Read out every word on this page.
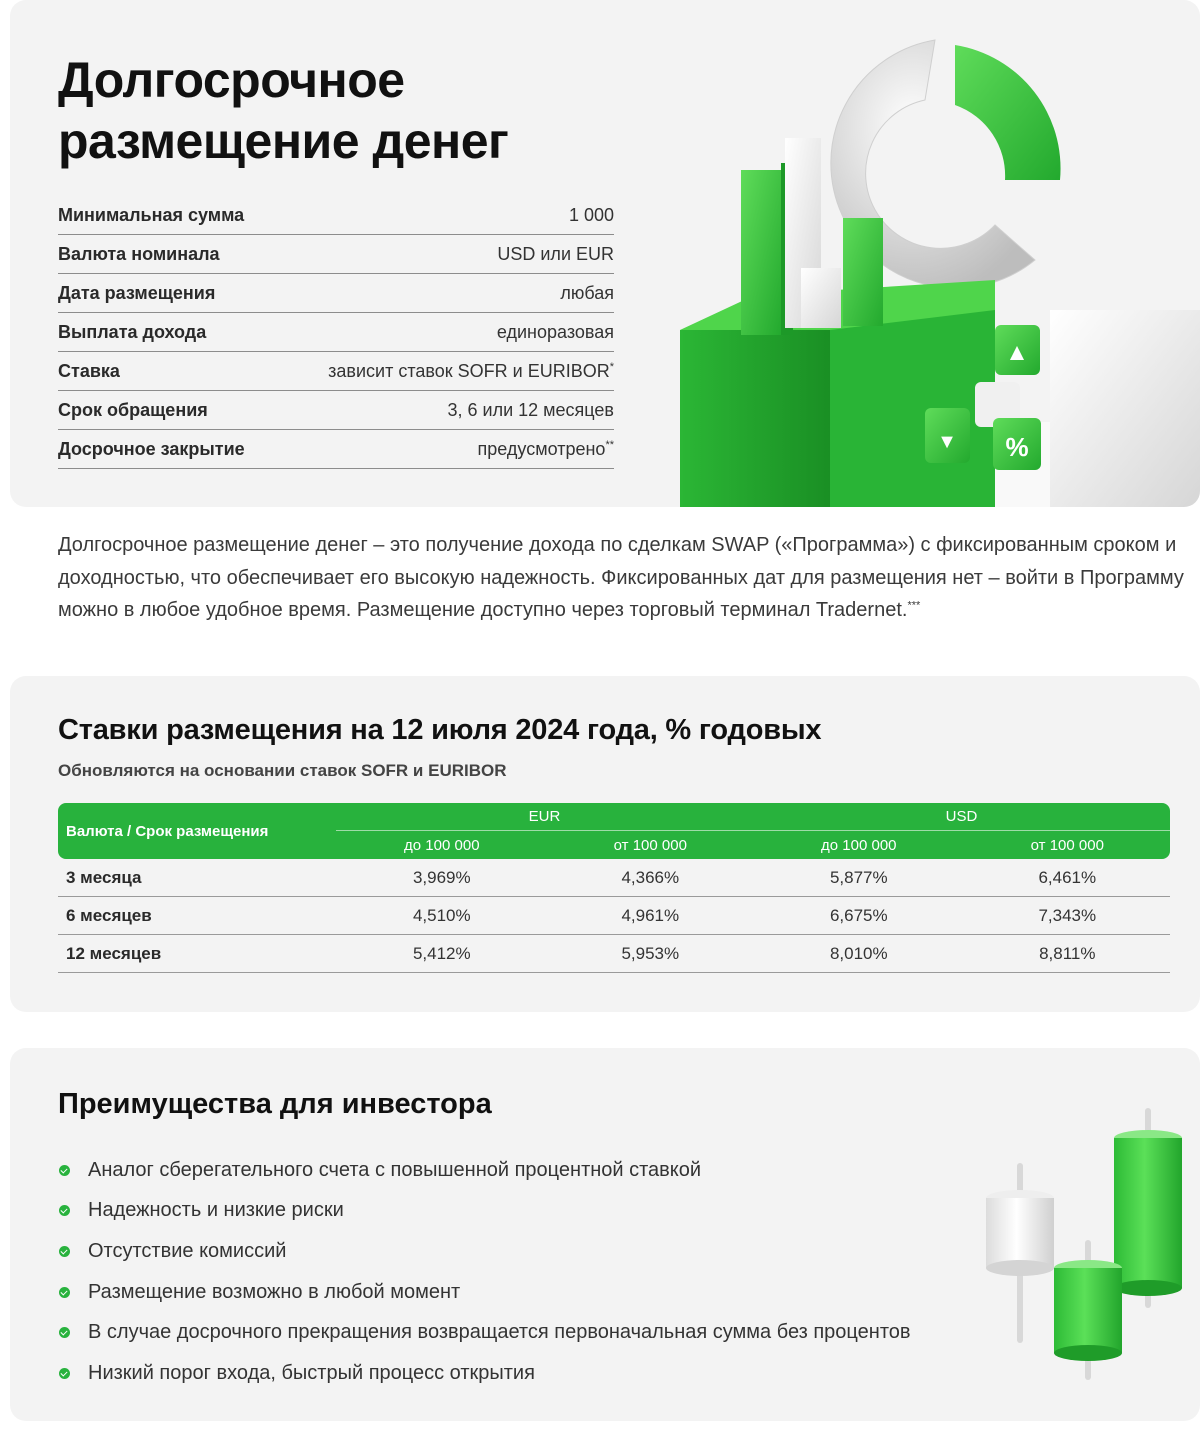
Долгосрочное
размещение денег
Минимальная сумма	1 000
Валюта номинала	USD или EUR
Дата размещения	любая
Выплата дохода	единоразовая
Ставка	зависит ставок SOFR и EURIBOR*
Срок обращения	3, 6 или 12 месяцев
Досрочное закрытие	предусмотрено**
▲
▼ %

Долгосрочное размещение денег – это получение дохода по сделкам SWAP («Программа») с фиксированным сроком и доходностью, что обеспечивает его высокую надежность. Фиксированных дат для размещения нет – войти в Программу можно в любое удобное время. Размещение доступно через торговый терминал Tradernet.***

Ставки размещения на 12 июля 2024 года, % годовых

Обновляются на основании ставок SOFR и EURIBOR

Валюта / Срок размещения	EUR		USD	
	до 100 000	от 100 000	до 100 000	от 100 000
3 месяца	3,969%	4,366%	5,877%	6,461%
6 месяцев	4,510%	4,961%	6,675%	7,343%
12 месяцев	5,412%	5,953%	8,010%	8,811%
Преимущества для инвестора
Аналог сберегательного счета с повышенной процентной ставкой
Надежность и низкие риски
Отсутствие комиссий
Размещение возможно в любой момент
В случае досрочного прекращения возвращается первоначальная сумма без процентов
Низкий порог входа, быстрый процесс открытия
